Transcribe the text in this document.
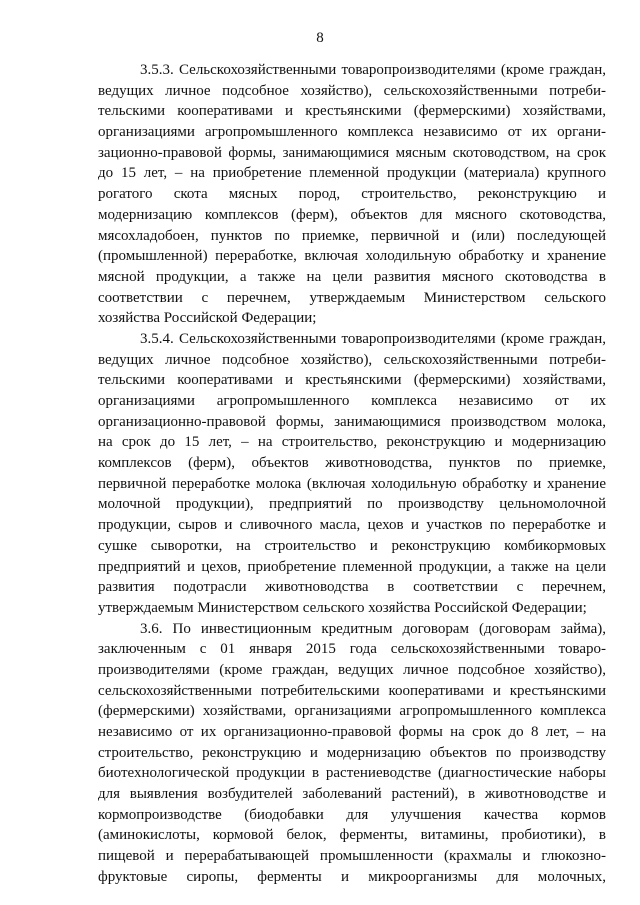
8
3.5.3. Сельскохозяйственными товаропроизводителями (кроме граждан,
ведущих личное подсобное хозяйство), сельскохозяйственными потреби-
тельскими кооперативами и крестьянскими (фермерскими) хозяйствами,
организациями агропромышленного комплекса независимо от их органи-
зационно-правовой формы, занимающимися мясным скотоводством, на срок
до 15 лет, – на приобретение племенной продукции (материала) крупного
рогатого скота мясных пород, строительство, реконструкцию и
модернизацию комплексов (ферм), объектов для мясного скотоводства,
мясохладобоен, пунктов по приемке, первичной и (или) последующей
(промышленной) переработке, включая холодильную обработку и хранение
мясной продукции, а также на цели развития мясного скотоводства в
соответствии с перечнем, утверждаемым Министерством сельского
хозяйства Российской Федерации;
3.5.4. Сельскохозяйственными товаропроизводителями (кроме граждан,
ведущих личное подсобное хозяйство), сельскохозяйственными потреби-
тельскими кооперативами и крестьянскими (фермерскими) хозяйствами,
организациями агропромышленного комплекса независимо от их
организационно-правовой формы, занимающимися производством молока,
на срок до 15 лет, – на строительство, реконструкцию и модернизацию
комплексов (ферм), объектов животноводства, пунктов по приемке,
первичной переработке молока (включая холодильную обработку и хранение
молочной продукции), предприятий по производству цельномолочной
продукции, сыров и сливочного масла, цехов и участков по переработке и
сушке сыворотки, на строительство и реконструкцию комбикормовых
предприятий и цехов, приобретение племенной продукции, а также на цели
развития подотрасли животноводства в соответствии с перечнем,
утверждаемым Министерством сельского хозяйства Российской Федерации;
3.6. По инвестиционным кредитным договорам (договорам займа),
заключенным с 01 января 2015 года сельскохозяйственными товаро-
производителями (кроме граждан, ведущих личное подсобное хозяйство),
сельскохозяйственными потребительскими кооперативами и крестьянскими
(фермерскими) хозяйствами, организациями агропромышленного комплекса
независимо от их организационно-правовой формы на срок до 8 лет, – на
строительство, реконструкцию и модернизацию объектов по производству
биотехнологической продукции в растениеводстве (диагностические наборы
для выявления возбудителей заболеваний растений), в животноводстве и
кормопроизводстве (биодобавки для улучшения качества кормов
(аминокислоты, кормовой белок, ферменты, витамины, пробиотики), в
пищевой и перерабатывающей промышленности (крахмалы и глюкозно-
фруктовые сиропы, ферменты и микроорганизмы для молочных,
